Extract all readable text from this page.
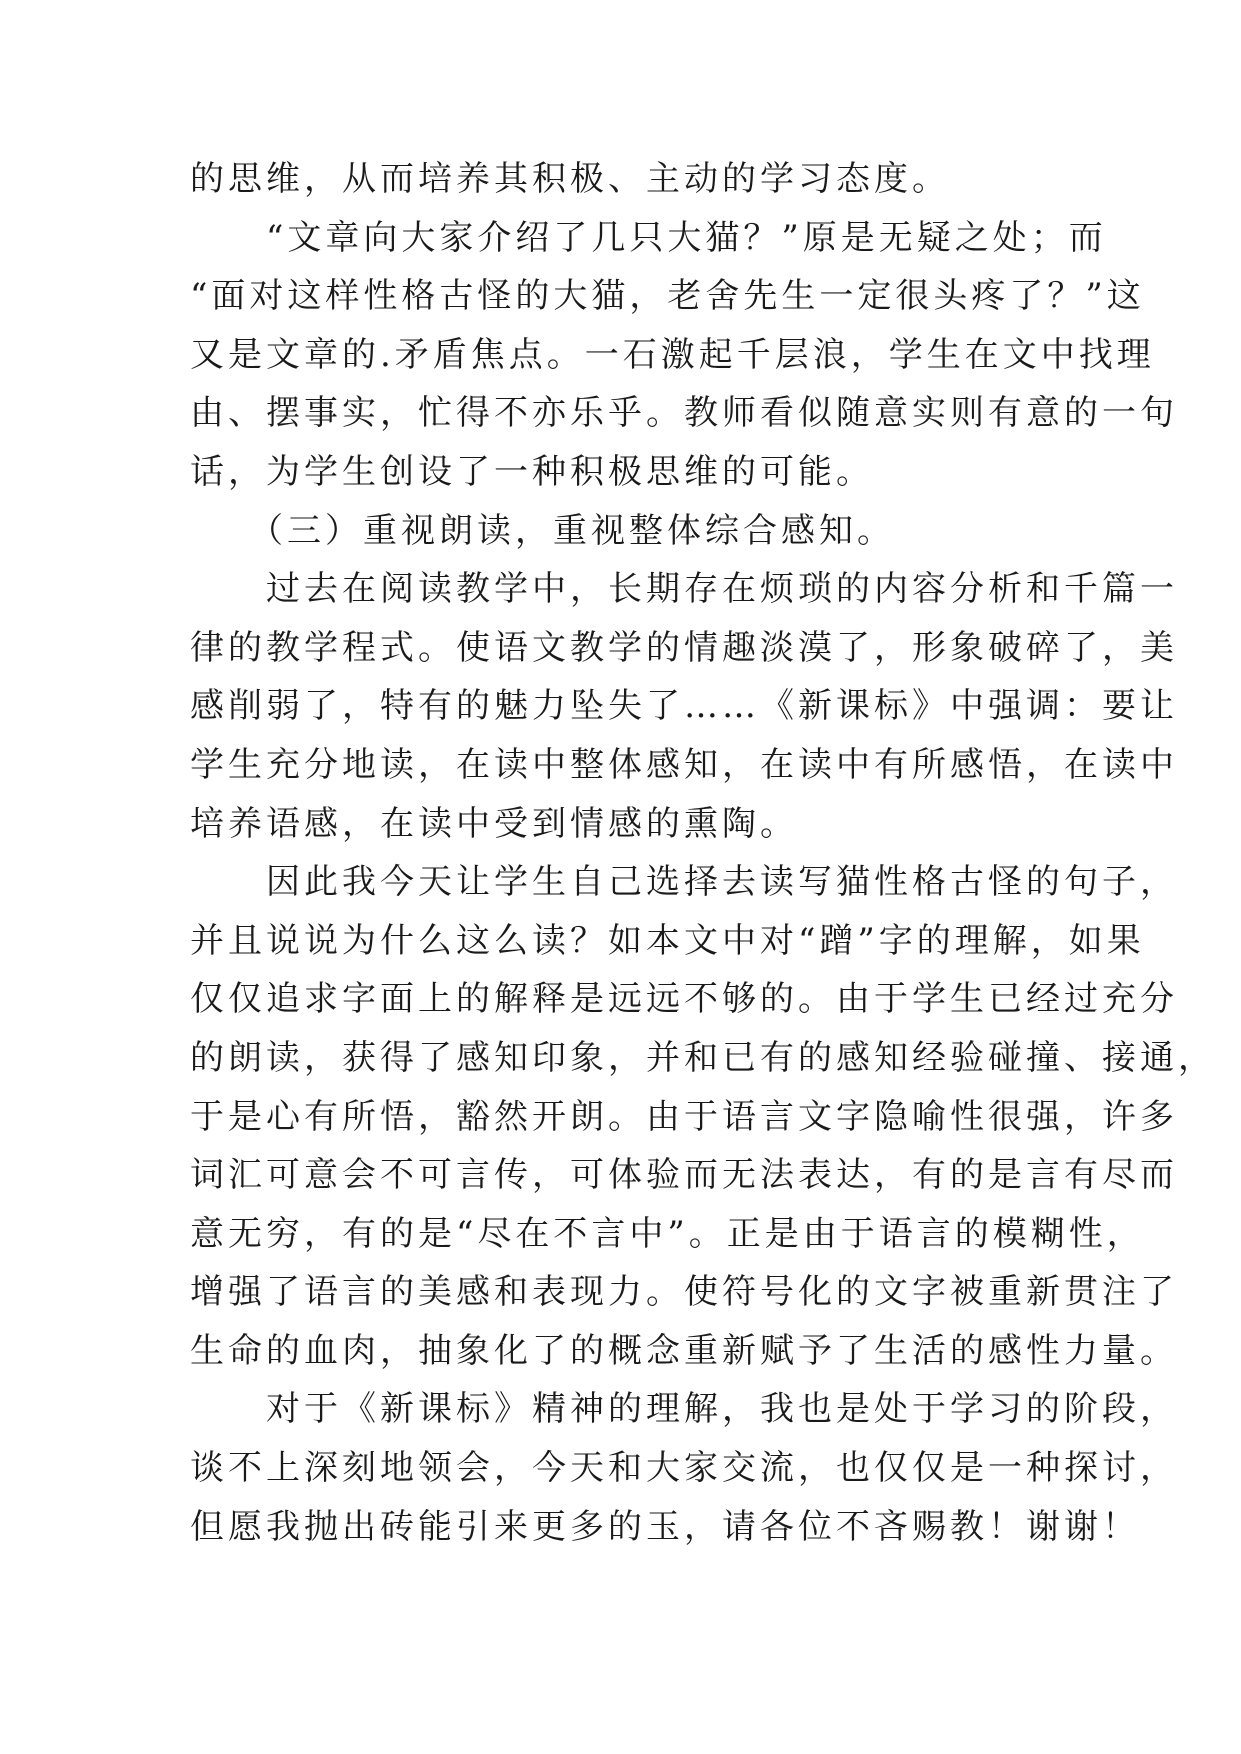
的思维，从而培养其积极、主动的学习态度。
　　“文章向大家介绍了几只大猫？”原是无疑之处；而
“面对这样性格古怪的大猫，老舍先生一定很头疼了？”这
又是文章的.矛盾焦点。一石激起千层浪，学生在文中找理
由、摆事实，忙得不亦乐乎。教师看似随意实则有意的一句
话，为学生创设了一种积极思维的可能。
　　（三）重视朗读，重视整体综合感知。
　　过去在阅读教学中，长期存在烦琐的内容分析和千篇一
律的教学程式。使语文教学的情趣淡漠了，形象破碎了，美
感削弱了，特有的魅力坠失了……《新课标》中强调：要让
学生充分地读，在读中整体感知，在读中有所感悟，在读中
培养语感，在读中受到情感的熏陶。
　　因此我今天让学生自己选择去读写猫性格古怪的句子，
并且说说为什么这么读？如本文中对“蹭”字的理解，如果
仅仅追求字面上的解释是远远不够的。由于学生已经过充分
的朗读，获得了感知印象，并和已有的感知经验碰撞、接通，
于是心有所悟，豁然开朗。由于语言文字隐喻性很强，许多
词汇可意会不可言传，可体验而无法表达，有的是言有尽而
意无穷，有的是“尽在不言中”。正是由于语言的模糊性，
增强了语言的美感和表现力。使符号化的文字被重新贯注了
生命的血肉，抽象化了的概念重新赋予了生活的感性力量。
　　对于《新课标》精神的理解，我也是处于学习的阶段，
谈不上深刻地领会，今天和大家交流，也仅仅是一种探讨，
但愿我抛出砖能引来更多的玉，请各位不吝赐教！谢谢！
